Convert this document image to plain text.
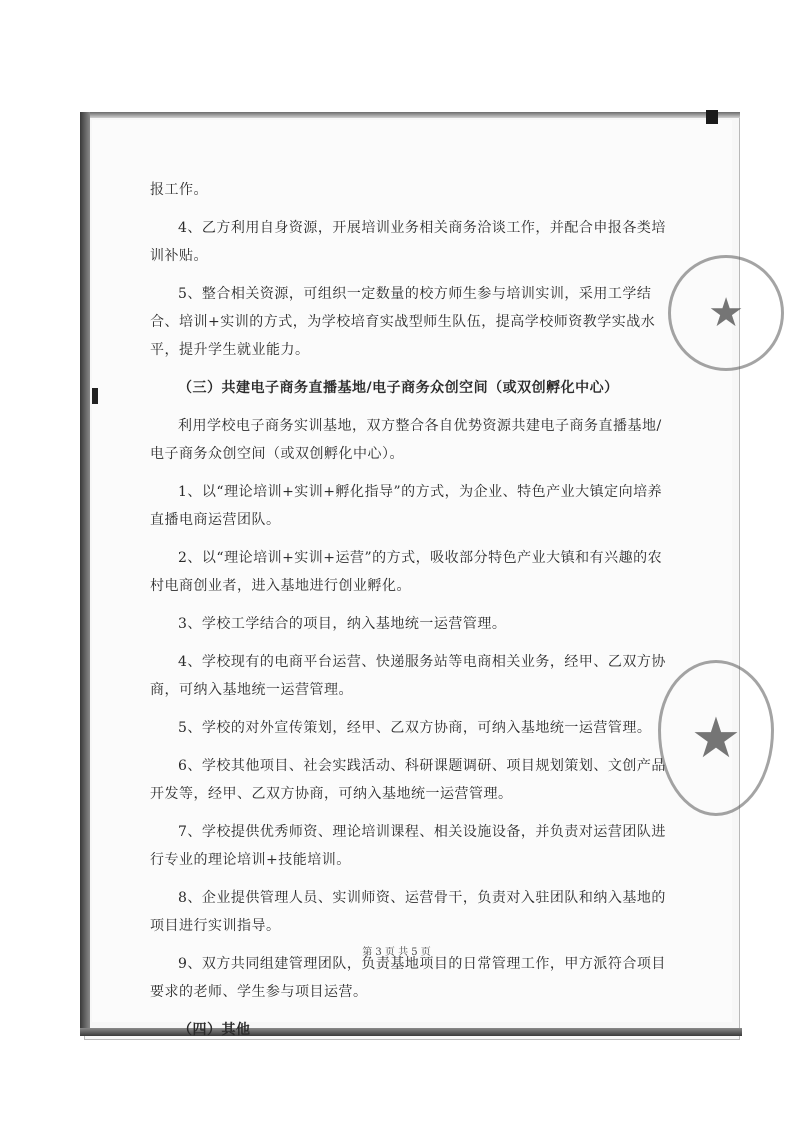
报工作。

4、乙方利用自身资源，开展培训业务相关商务洽谈工作，并配合申报各类培训补贴。

5、整合相关资源，可组织一定数量的校方师生参与培训实训，采用工学结合、培训+实训的方式，为学校培育实战型师生队伍，提高学校师资教学实战水平，提升学生就业能力。

（三）共建电子商务直播基地/电子商务众创空间（或双创孵化中心）

利用学校电子商务实训基地，双方整合各自优势资源共建电子商务直播基地/电子商务众创空间（或双创孵化中心）。

1、以“理论培训+实训+孵化指导”的方式，为企业、特色产业大镇定向培养直播电商运营团队。

2、以“理论培训+实训+运营”的方式，吸收部分特色产业大镇和有兴趣的农村电商创业者，进入基地进行创业孵化。

3、学校工学结合的项目，纳入基地统一运营管理。

4、学校现有的电商平台运营、快递服务站等电商相关业务，经甲、乙双方协商，可纳入基地统一运营管理。

5、学校的对外宣传策划，经甲、乙双方协商，可纳入基地统一运营管理。

6、学校其他项目、社会实践活动、科研课题调研、项目规划策划、文创产品开发等，经甲、乙双方协商，可纳入基地统一运营管理。

7、学校提供优秀师资、理论培训课程、相关设施设备，并负责对运营团队进行专业的理论培训+技能培训。

8、企业提供管理人员、实训师资、运营骨干，负责对入驻团队和纳入基地的项目进行实训指导。

9、双方共同组建管理团队，负责基地项目的日常管理工作，甲方派符合项目要求的老师、学生参与项目运营。

（四）其他

★
★
第 3 页 共 5 页
